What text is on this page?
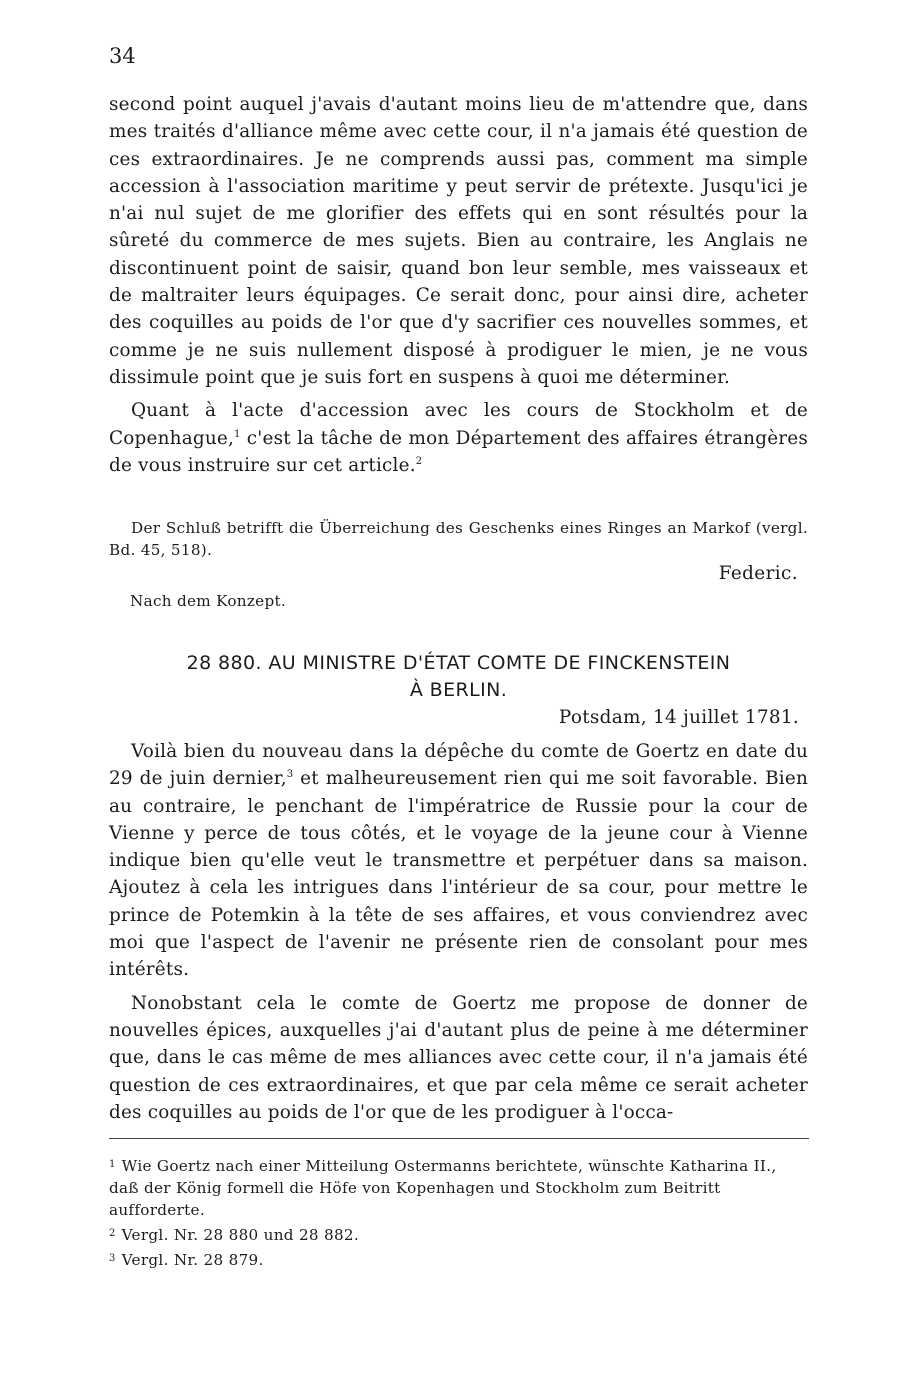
34

second point auquel j'avais d'autant moins lieu de m'attendre que, dans mes traités d'alliance même avec cette cour, il n'a jamais été question de ces extraordinaires. Je ne comprends aussi pas, comment ma simple accession à l'association maritime y peut servir de prétexte. Jusqu'ici je n'ai nul sujet de me glorifier des effets qui en sont résultés pour la sûreté du commerce de mes sujets. Bien au contraire, les Anglais ne discontinuent point de saisir, quand bon leur semble, mes vaisseaux et de maltraiter leurs équipages. Ce serait donc, pour ainsi dire, acheter des coquilles au poids de l'or que d'y sacrifier ces nouvelles sommes, et comme je ne suis nullement disposé à prodiguer le mien, je ne vous dissimule point que je suis fort en suspens à quoi me déterminer.

Quant à l'acte d'accession avec les cours de Stockholm et de Copenhague,$^1$ c'est la tâche de mon Département des affaires étrangères de vous instruire sur cet article.$^2$

Der Schluß betrifft die Überreichung des Geschenks eines Ringes an Markof (vergl. Bd. 45, 518).
Federic.
Nach dem Konzept.
28 880. AU MINISTRE D'ÉTAT COMTE DE FINCKENSTEIN
À BERLIN.
Potsdam, 14 juillet 1781.

Voilà bien du nouveau dans la dépêche du comte de Goertz en date du 29 de juin dernier,$^3$ et malheureusement rien qui me soit favorable. Bien au contraire, le penchant de l'impératrice de Russie pour la cour de Vienne y perce de tous côtés, et le voyage de la jeune cour à Vienne indique bien qu'elle veut le transmettre et perpétuer dans sa maison. Ajoutez à cela les intrigues dans l'intérieur de sa cour, pour mettre le prince de Potemkin à la tête de ses affaires, et vous conviendrez avec moi que l'aspect de l'avenir ne présente rien de consolant pour mes intérêts.

Nonobstant cela le comte de Goertz me propose de donner de nouvelles épices, auxquelles j'ai d'autant plus de peine à me déterminer que, dans le cas même de mes alliances avec cette cour, il n'a jamais été question de ces extraordinaires, et que par cela même ce serait acheter des coquilles au poids de l'or que de les prodiguer à l'occa-

$^1$ Wie Goertz nach einer Mitteilung Ostermanns berichtete, wünschte Katharina II., daß der König formell die Höfe von Kopenhagen und Stockholm zum Beitritt aufforderte.
$^2$ Vergl. Nr. 28 880 und 28 882.
$^3$ Vergl. Nr. 28 879.
